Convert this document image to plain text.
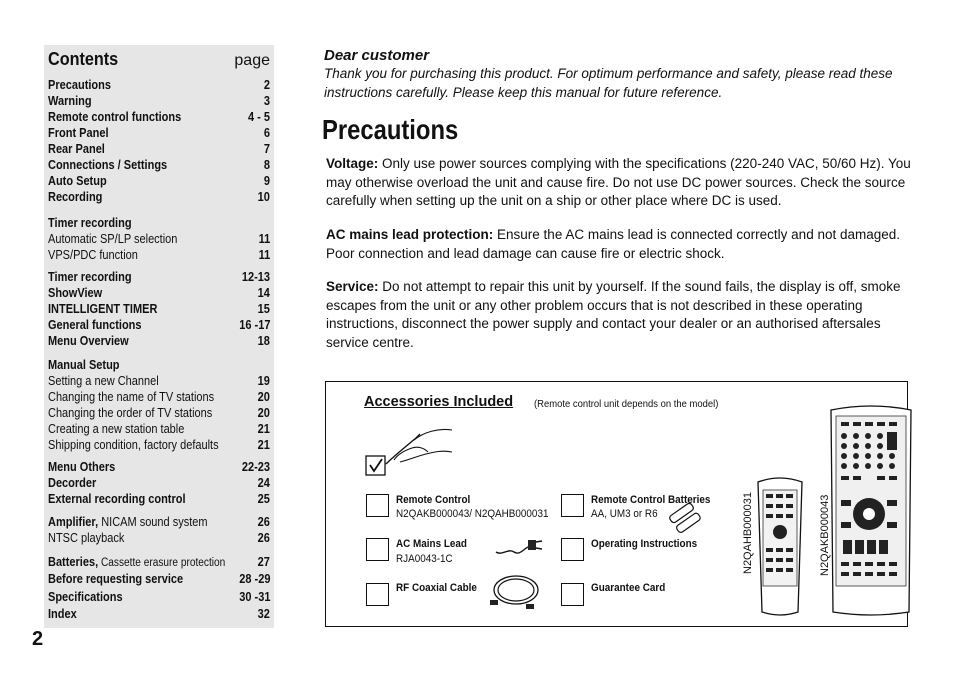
Contents	page
Precautions	2
Warning	3
Remote control functions	4 - 5
Front Panel	6
Rear Panel	7
Connections / Settings	8
Auto Setup	9
Recording	10
Timer recording
Automatic SP/LP selection	11
VPS/PDC function	11
Timer recording	12-13
ShowView	14
INTELLIGENT TIMER	15
General functions	16 -17
Menu Overview	18
Manual Setup
Setting a new Channel	19
Changing the name of TV stations	20
Changing the order of TV stations	20
Creating a new station table	21
Shipping condition, factory defaults	21
Menu Others	22-23
Decorder	24
External recording control	25
Amplifier, NICAM sound system	26
NTSC playback	26
Batteries, Cassette erasure protection	27
Before requesting service	28 -29
Specifications	30 -31
Index	32
2
Dear customer
Thank you for purchasing this product. For optimum performance and safety, please read these instructions carefully. Please keep this manual for future reference.
Precautions
Voltage: Only use power sources complying with the specifications (220-240 VAC, 50/60 Hz). You may otherwise overload the unit and cause fire. Do not use DC power sources. Check the source carefully when setting up the unit on a ship or other place where DC is used.
AC mains lead protection: Ensure the AC mains lead is connected correctly and not damaged. Poor connection and lead damage can cause fire or electric shock.
Service: Do not attempt to repair this unit by yourself. If the sound fails, the display is off, smoke escapes from the unit or any other problem occurs that is not described in these operating instructions, disconnect the power supply and contact your dealer or an authorised aftersales service centre.
Accessories Included (Remote control unit depends on the model)
Remote Control
N2QAKB000043/ N2QAHB000031
AC Mains Lead
RJA0043-1C
RF Coaxial Cable
Remote Control Batteries
AA, UM3 or R6
Operating Instructions
Guarantee Card
N2QAHB000031	N2QAKB000043
